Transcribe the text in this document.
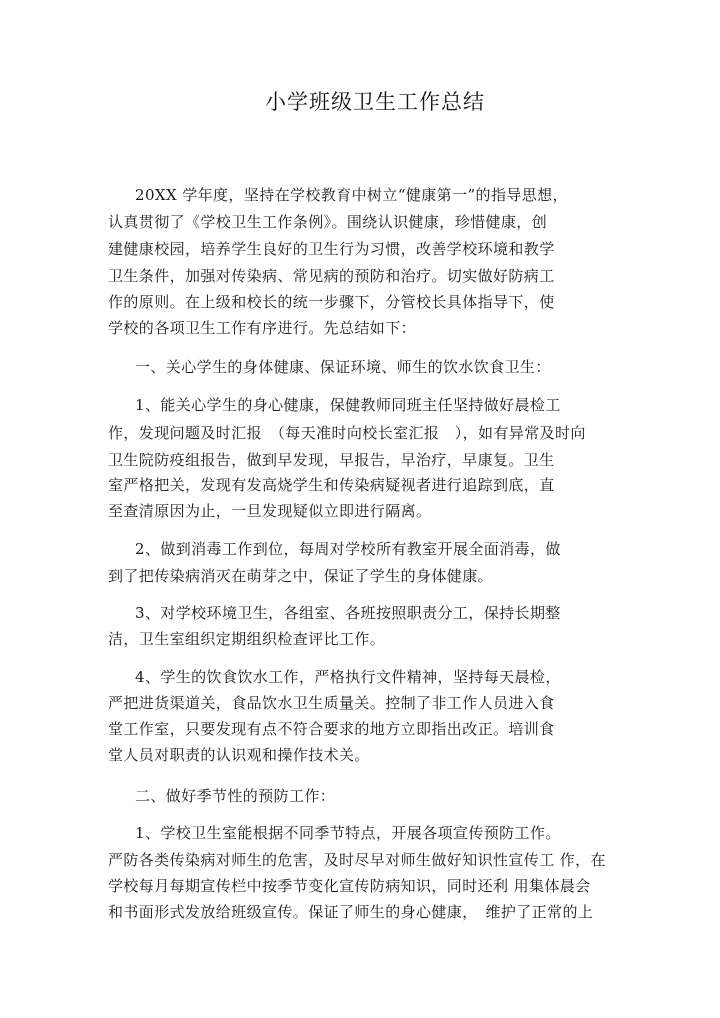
小学班级卫生工作总结
20XX 学年度，坚持在学校教育中树立“健康第一”的指导思想，
认真贯彻了《学校卫生工作条例》。围绕认识健康，珍惜健康，创
建健康校园，培养学生良好的卫生行为习惯，改善学校环境和教学
卫生条件，加强对传染病、常见病的预防和治疗。切实做好防病工
作的原则。在上级和校长的统一步骤下，分管校长具体指导下，使
学校的各项卫生工作有序进行。先总结如下：
一、关心学生的身体健康、保证环境、师生的饮水饮食卫生：
1、能关心学生的身心健康，保健教师同班主任坚持做好晨检工
作，发现问题及时汇报　（每天准时向校长室汇报　），如有异常及时向
卫生院防疫组报告，做到早发现，早报告，早治疗，早康复。卫生
室严格把关，发现有发高烧学生和传染病疑视者进行追踪到底，直
至查清原因为止，一旦发现疑似立即进行隔离。
2、做到消毒工作到位，每周对学校所有教室开展全面消毒，做
到了把传染病消灭在萌芽之中，保证了学生的身体健康。
3、对学校环境卫生，各组室、各班按照职责分工，保持长期整
洁，卫生室组织定期组织检查评比工作。
4、学生的饮食饮水工作，严格执行文件精神，坚持每天晨检，
严把进货渠道关，食品饮水卫生质量关。控制了非工作人员进入食
堂工作室，只要发现有点不符合要求的地方立即指出改正。培训食
堂人员对职责的认识观和操作技术关。
二、做好季节性的预防工作：
1、学校卫生室能根据不同季节特点，开展各项宣传预防工作。
严防各类传染病对师生的危害，及时尽早对师生做好知识性宣传工 作，在
学校每月每期宣传栏中按季节变化宣传防病知识，同时还利 用集体晨会
和书面形式发放给班级宣传。保证了师生的身心健康，　维护了正常的上
